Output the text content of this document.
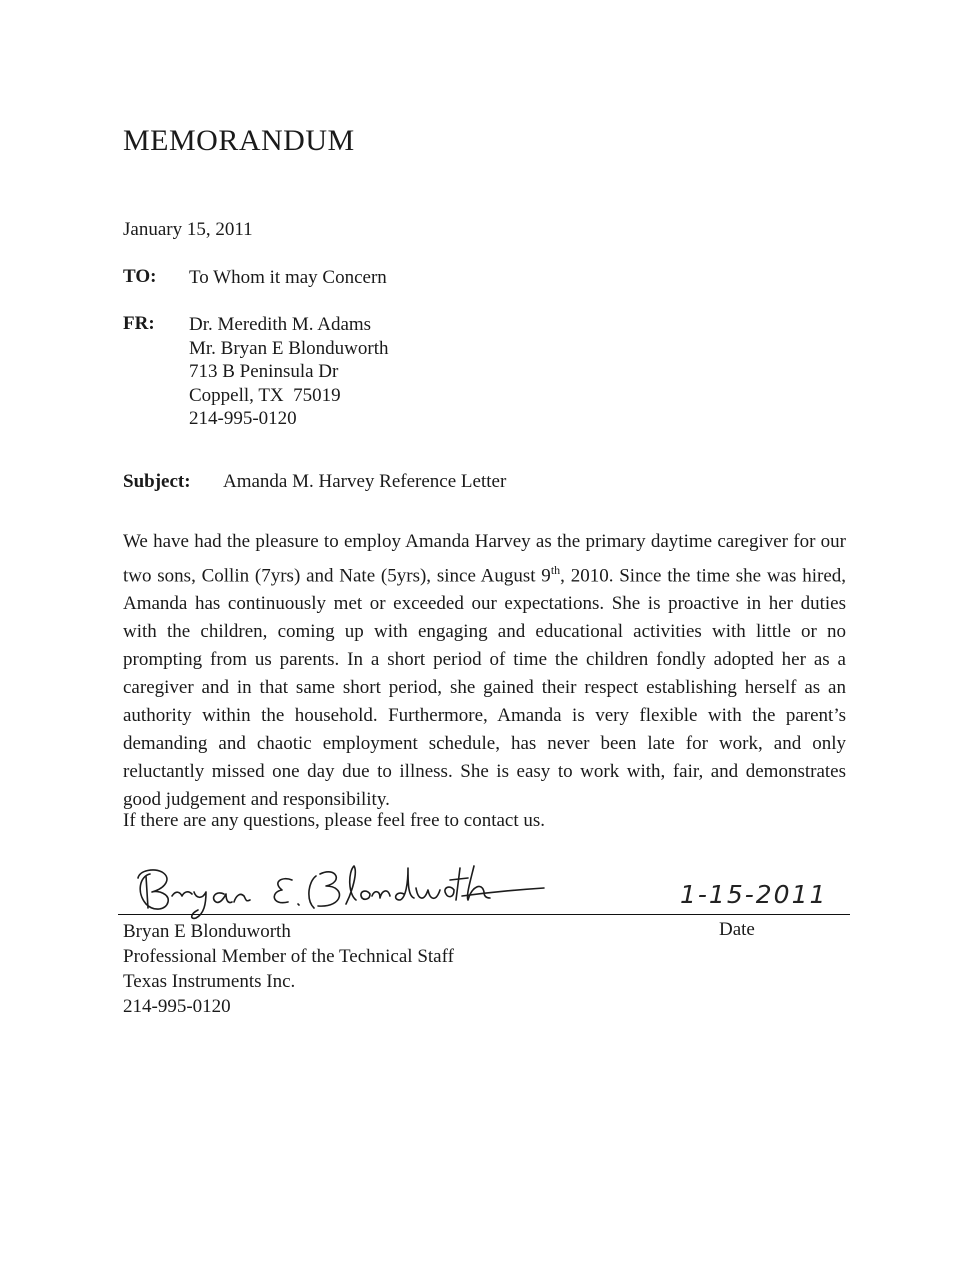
MEMORANDUM
January 15, 2011
TO: To Whom it may Concern
FR: Dr. Meredith M. Adams
Mr. Bryan E Blonduworth
713 B Peninsula Dr
Coppell, TX  75019
214-995-0120
Subject: Amanda M. Harvey Reference Letter

We have had the pleasure to employ Amanda Harvey as the primary daytime caregiver for our two sons, Collin (7yrs) and Nate (5yrs), since August 9th, 2010. Since the time she was hired, Amanda has continuously met or exceeded our expectations. She is proactive in her duties with the children, coming up with engaging and educational activities with little or no prompting from us parents. In a short period of time the children fondly adopted her as a caregiver and in that same short period, she gained their respect establishing herself as an authority within the household. Furthermore, Amanda is very flexible with the parent’s demanding and chaotic employment schedule, has never been late for work, and only reluctantly missed one day due to illness. She is easy to work with, fair, and demonstrates good judgement and responsibility.

If there are any questions, please feel free to contact us.
1-15-2011
Bryan E Blonduworth
Professional Member of the Technical Staff
Texas Instruments Inc.
214-995-0120
Date
